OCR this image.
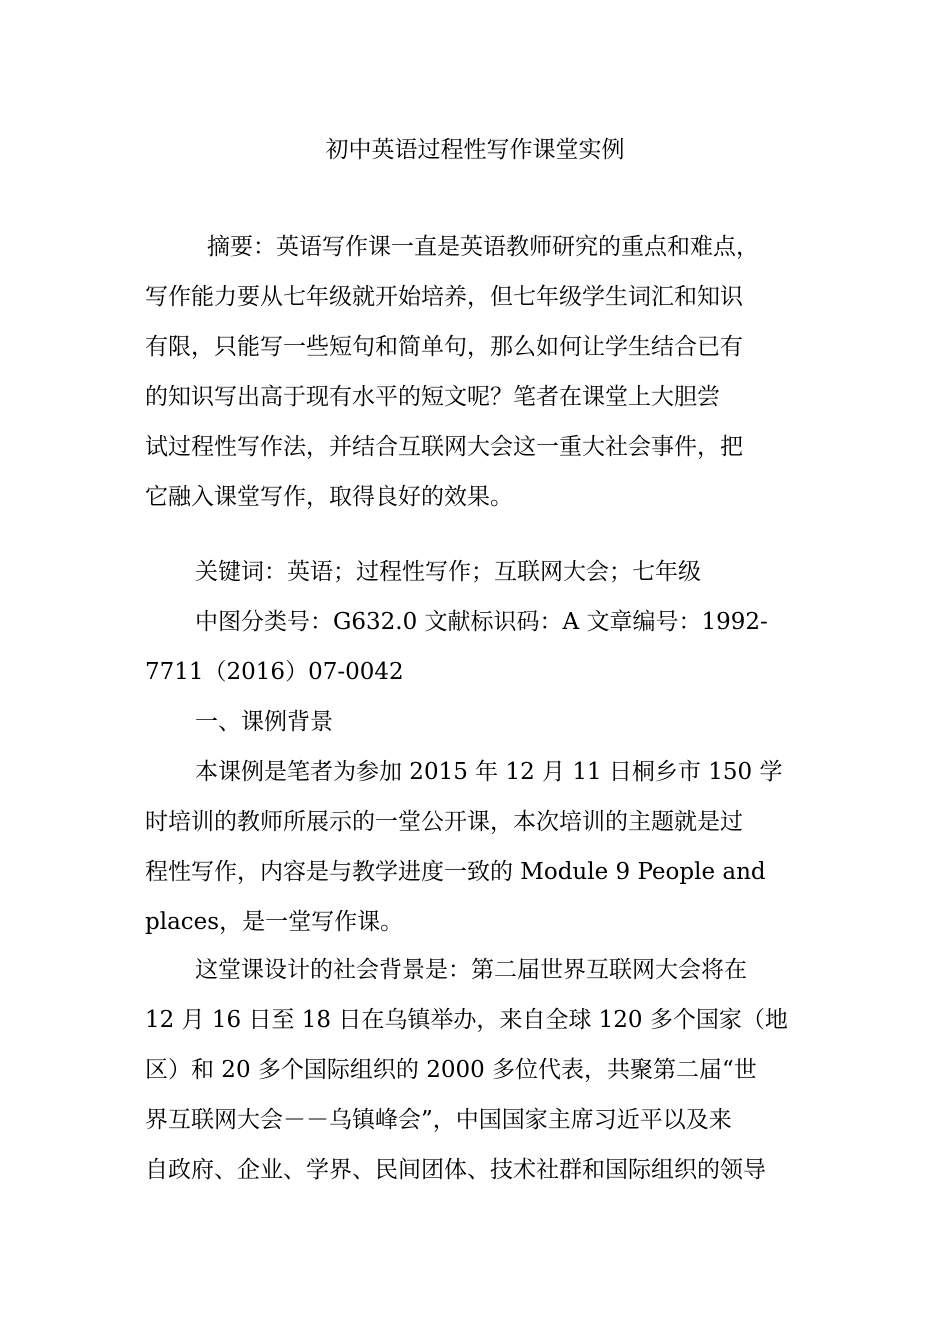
初中英语过程性写作课堂实例
摘要：英语写作课一直是英语教师研究的重点和难点，
写作能力要从七年级就开始培养，但七年级学生词汇和知识
有限，只能写一些短句和简单句，那么如何让学生结合已有
的知识写出高于现有水平的短文呢？笔者在课堂上大胆尝
试过程性写作法，并结合互联网大会这一重大社会事件，把
它融入课堂写作，取得良好的效果。
关键词：英语；过程性写作；互联网大会；七年级
中图分类号：G632.0 文献标识码：A 文章编号：1992-
7711（2016）07-0042
一、课例背景
本课例是笔者为参加 2015 年 12 月 11 日桐乡市 150 学
时培训的教师所展示的一堂公开课，本次培训的主题就是过
程性写作，内容是与教学进度一致的 Module 9 People and
places，是一堂写作课。
这堂课设计的社会背景是：第二届世界互联网大会将在
12 月 16 日至 18 日在乌镇举办，来自全球 120 多个国家（地
区）和 20 多个国际组织的 2000 多位代表，共聚第二届“世
界互联网大会－－乌镇峰会”，中国国家主席习近平以及来
自政府、企业、学界、民间团体、技术社群和国际组织的领导
